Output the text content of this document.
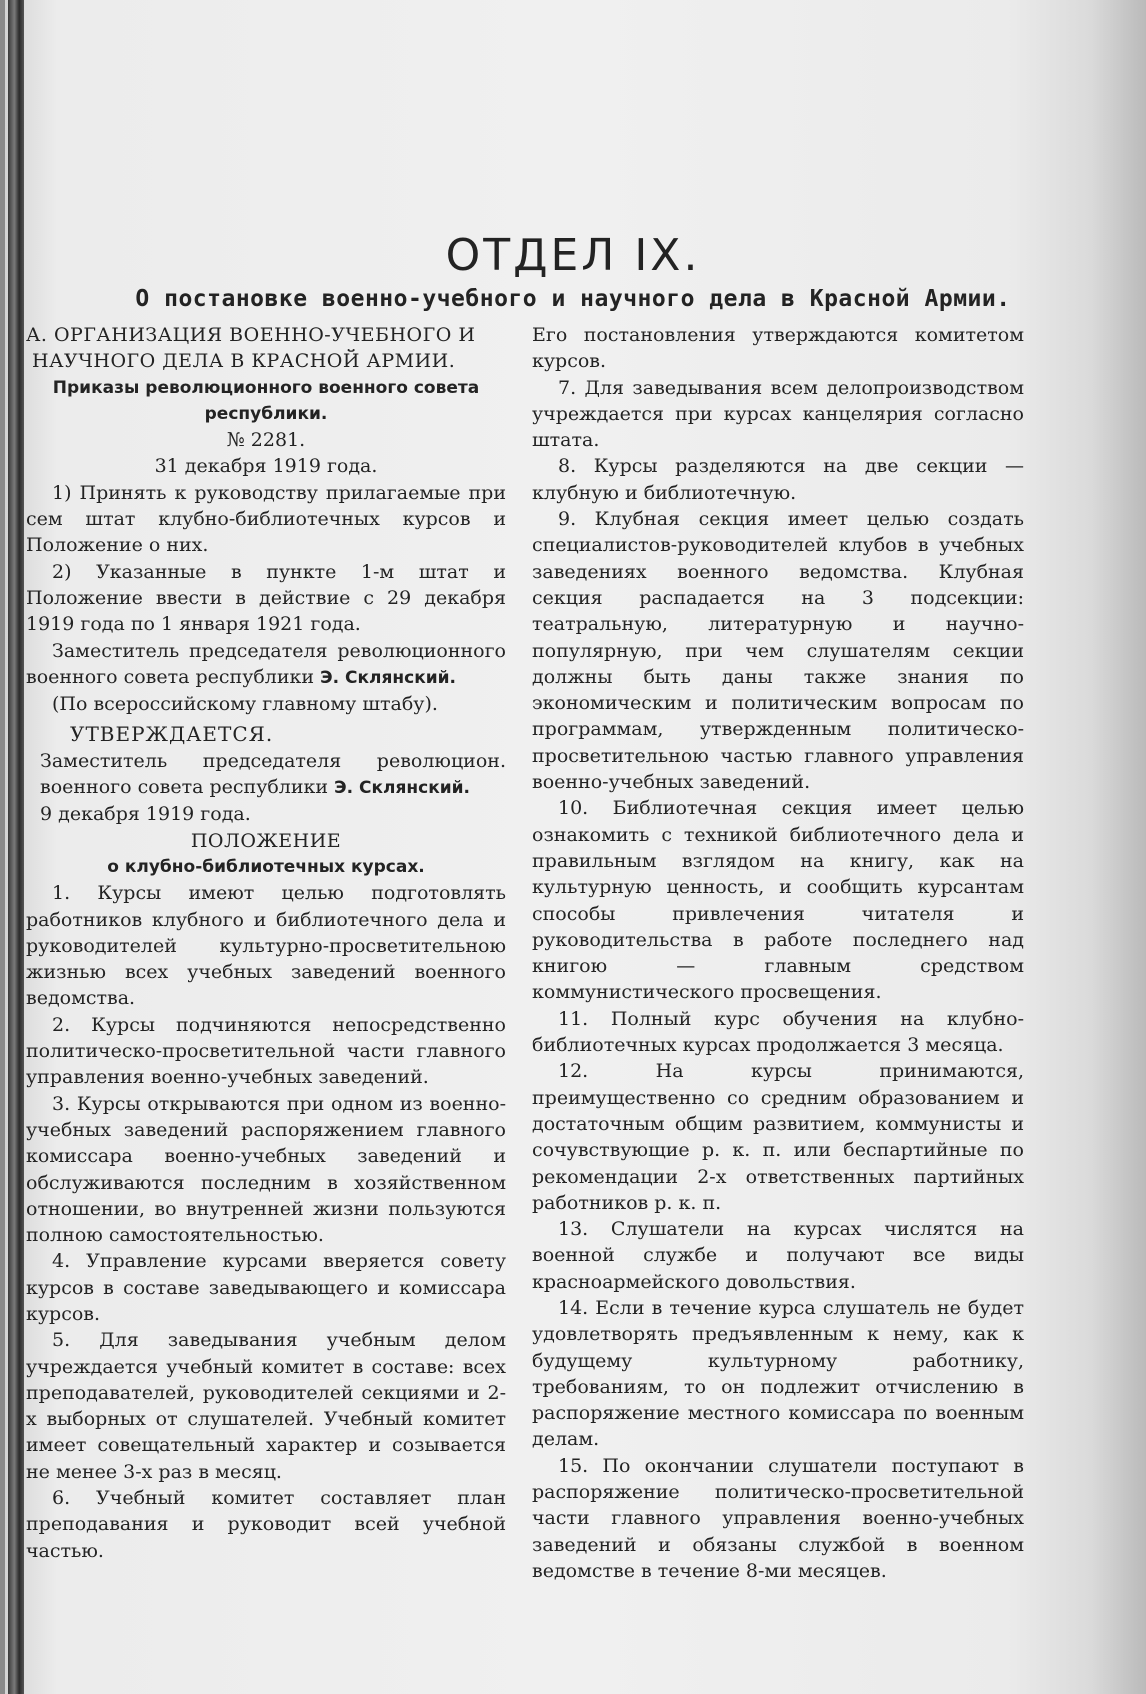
ОТДЕЛ IX.
О постановке военно-учебного и научного дела в Красной Армии.
А. ОРГАНИЗАЦИЯ ВОЕННО-УЧЕБНОГО И
НАУЧНОГО ДЕЛА В КРАСНОЙ АРМИИ.
Приказы революционного военного совета республики.
№ 2281.
31 декабря 1919 года.
1) Принять к руководству прилагаемые при сем штат клубно-библиотечных курсов и Положение о них.
2) Указанные в пункте 1-м штат и Положение ввести в действие с 29 декабря 1919 года по 1 января 1921 года.
Заместитель председателя революционного военного совета республики Э. Склянский.
(По всероссийскому главному штабу).
УТВЕРЖДАЕТСЯ.
Заместитель председателя революцион. военного совета республики Э. Склянский.
9 декабря 1919 года.
ПОЛОЖЕНИЕ
о клубно-библиотечных курсах.
1. Курсы имеют целью подготовлять работников клубного и библиотечного дела и руководителей культурно-просветительною жизнью всех учебных заведений военного ведомства.
2. Курсы подчиняются непосредственно политическо-просветительной части главного управления военно-учебных заведений.
3. Курсы открываются при одном из военно-учебных заведений распоряжением главного комиссара военно-учебных заведений и обслуживаются последним в хозяйственном отношении, во внутренней жизни пользуются полною самостоятельностью.
4. Управление курсами вверяется совету курсов в составе заведывающего и комиссара курсов.
5. Для заведывания учебным делом учреждается учебный комитет в составе: всех преподавателей, руководителей секциями и 2-х выборных от слушателей. Учебный комитет имеет совещательный характер и созывается не менее 3-х раз в месяц.
6. Учебный комитет составляет план преподавания и руководит всей учебной частью.
Его постановления утверждаются комитетом курсов.
7. Для заведывания всем делопроизводством учреждается при курсах канцелярия согласно штата.
8. Курсы разделяются на две секции — клубную и библиотечную.
9. Клубная секция имеет целью создать специалистов-руководителей клубов в учебных заведениях военного ведомства. Клубная секция распадается на 3 подсекции: театральную, литературную и научно-популярную, при чем слушателям секции должны быть даны также знания по экономическим и политическим вопросам по программам, утвержденным политическо-просветительною частью главного управления военно-учебных заведений.
10. Библиотечная секция имеет целью ознакомить с техникой библиотечного дела и правильным взглядом на книгу, как на культурную ценность, и сообщить курсантам способы привлечения читателя и руководительства в работе последнего над книгою — главным средством коммунистического просвещения.
11. Полный курс обучения на клубно-библиотечных курсах продолжается 3 месяца.
12. На курсы принимаются, преимущественно со средним образованием и достаточным общим развитием, коммунисты и сочувствующие р. к. п. или беспартийные по рекомендации 2-х ответственных партийных работников р. к. п.
13. Слушатели на курсах числятся на военной службе и получают все виды красноармейского довольствия.
14. Если в течение курса слушатель не будет удовлетворять предъявленным к нему, как к будущему культурному работнику, требованиям, то он подлежит отчислению в распоряжение местного комиссара по военным делам.
15. По окончании слушатели поступают в распоряжение политическо-просветительной части главного управления военно-учебных заведений и обязаны службой в военном ведомстве в течение 8-ми месяцев.
